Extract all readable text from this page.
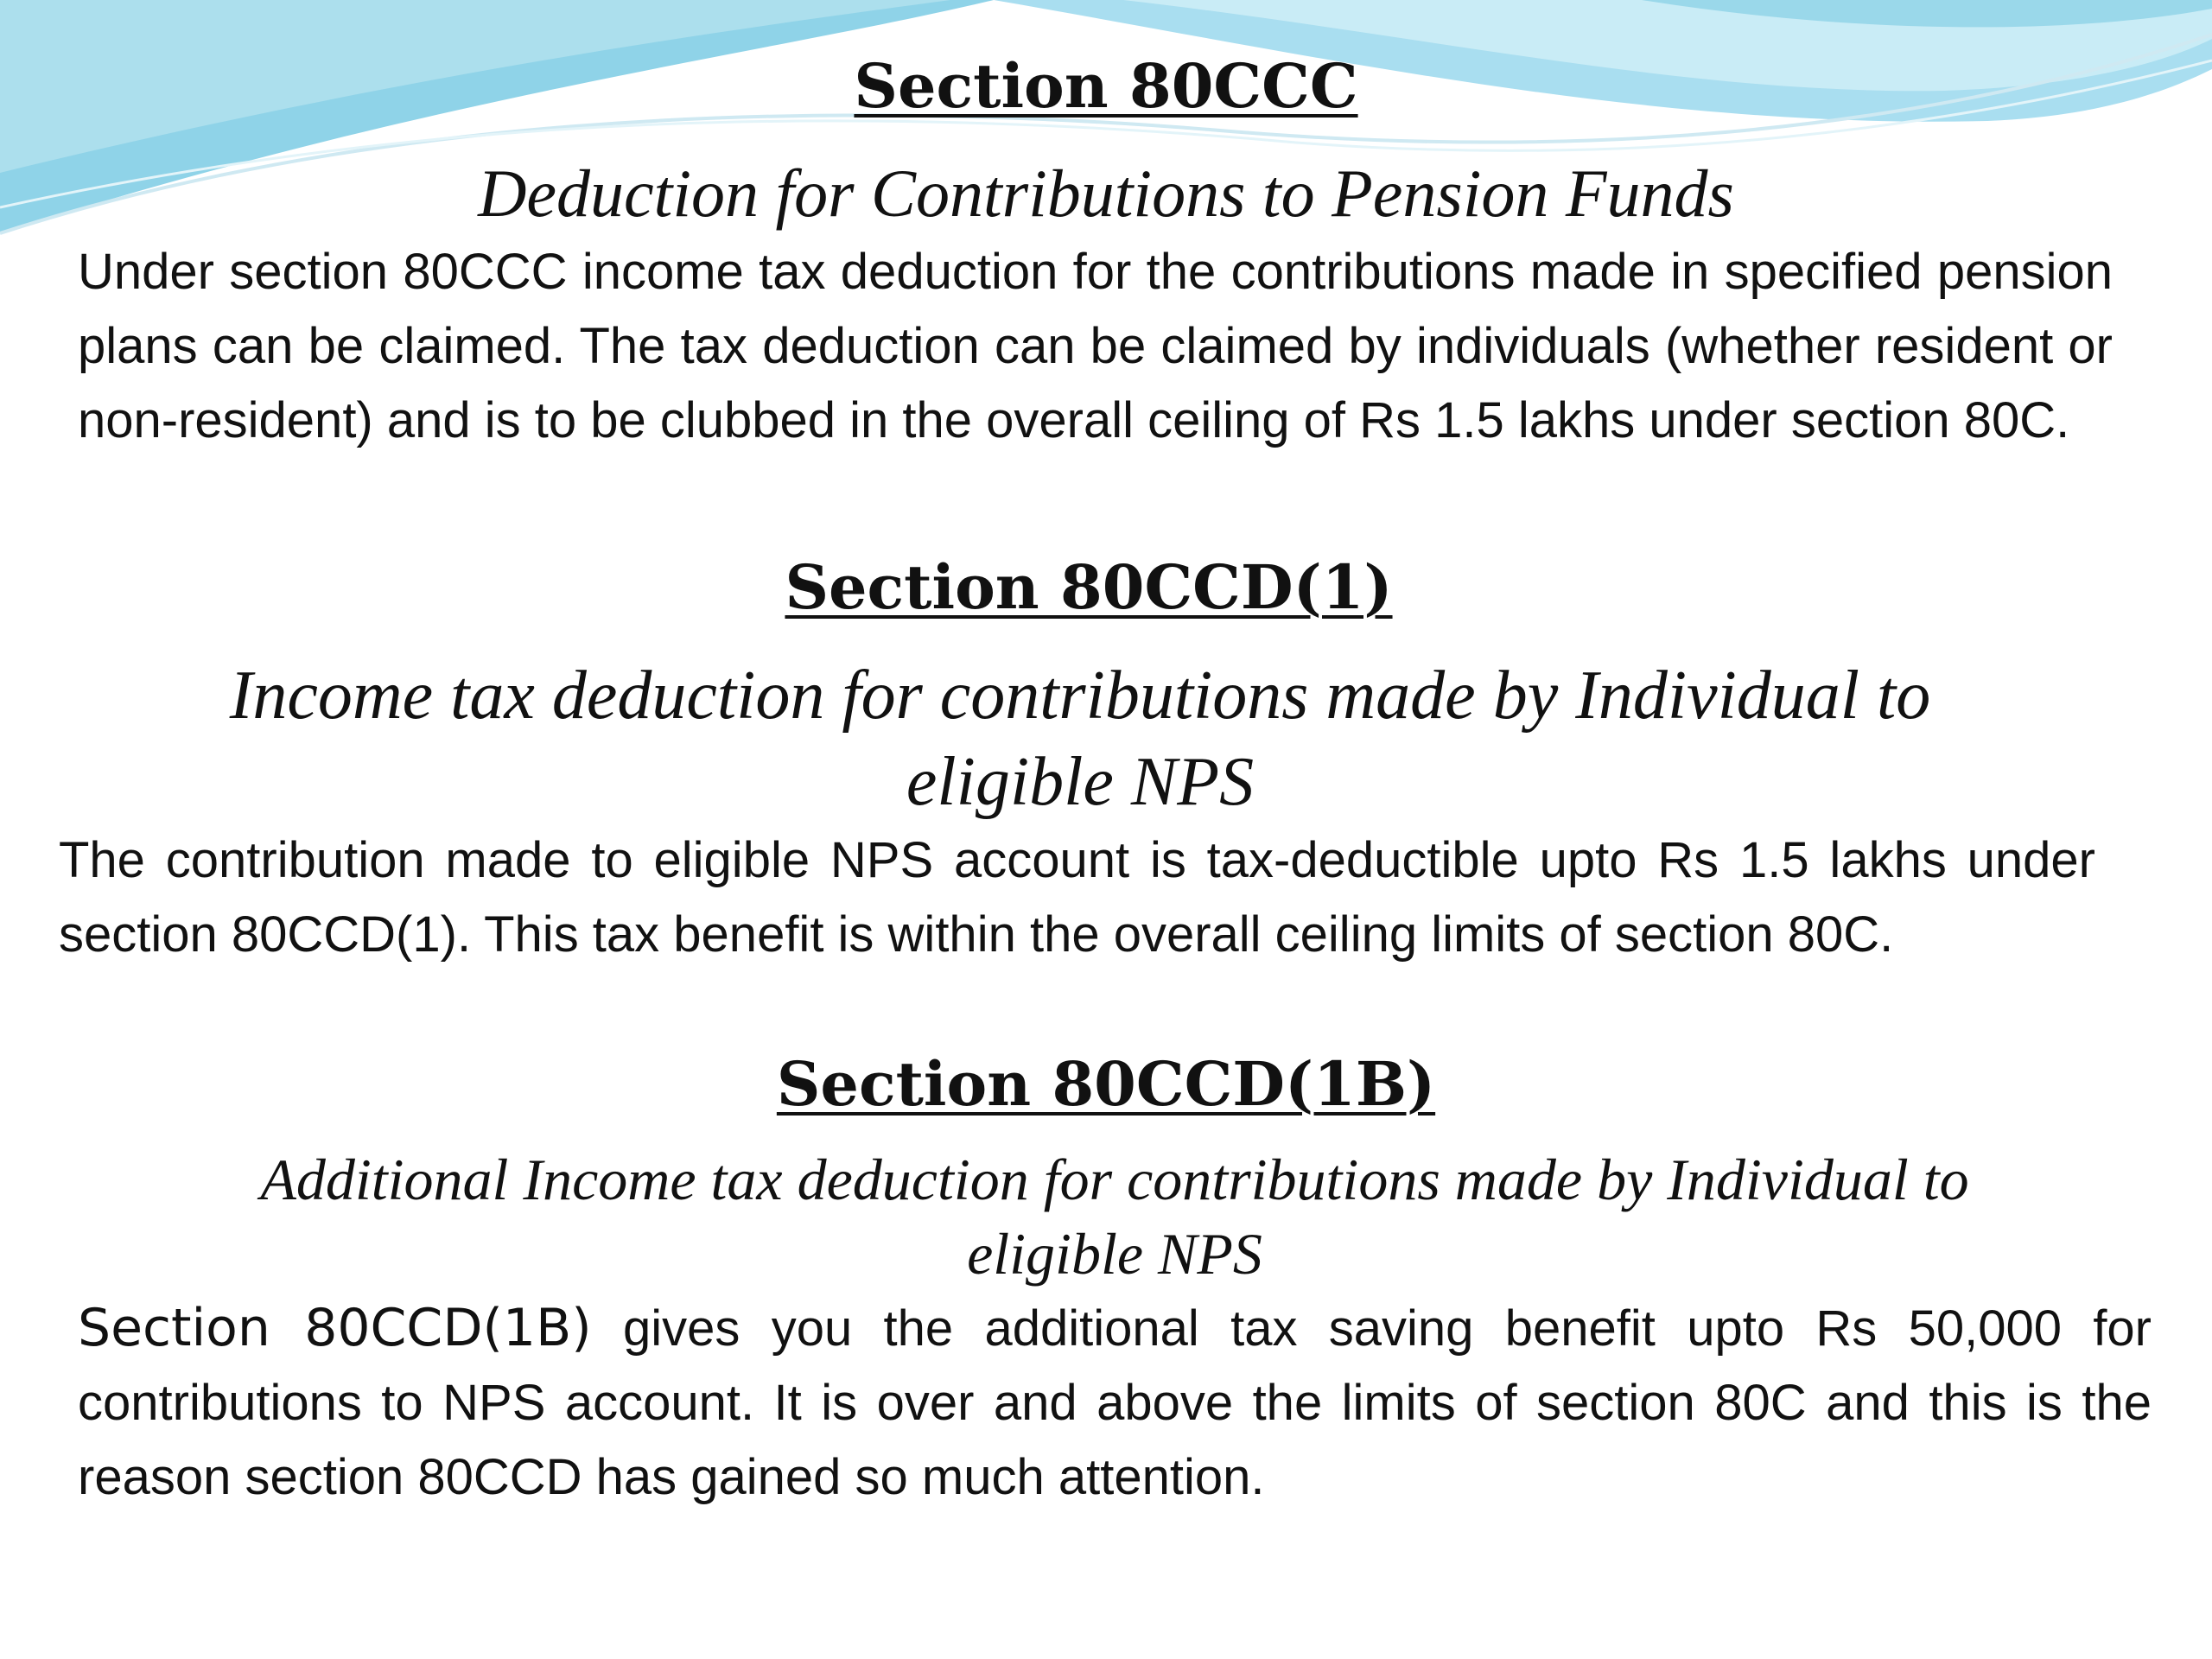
Section 80CCC
Deduction for Contributions to Pension Funds

Under section 80CCC income tax deduction for the contributions made in specified pension plans can be claimed. The tax deduction can be claimed by individuals (whether resident or non-resident) and is to be clubbed in the overall ceiling of Rs 1.5 lakhs under section 80C.

Section 80CCD(1)
Income tax deduction for contributions made by Individual to
eligible NPS

The contribution made to eligible NPS account is tax-deductible upto Rs 1.5 lakhs under section 80CCD(1). This tax benefit is within the overall ceiling limits of section 80C.

Section 80CCD(1B)
Additional Income tax deduction for contributions made by Individual to
eligible NPS

Section 80CCD(1B) gives you the additional tax saving benefit upto Rs 50,000 for contributions to NPS account. It is over and above the limits of section 80C and this is the reason section 80CCD has gained so much attention.
